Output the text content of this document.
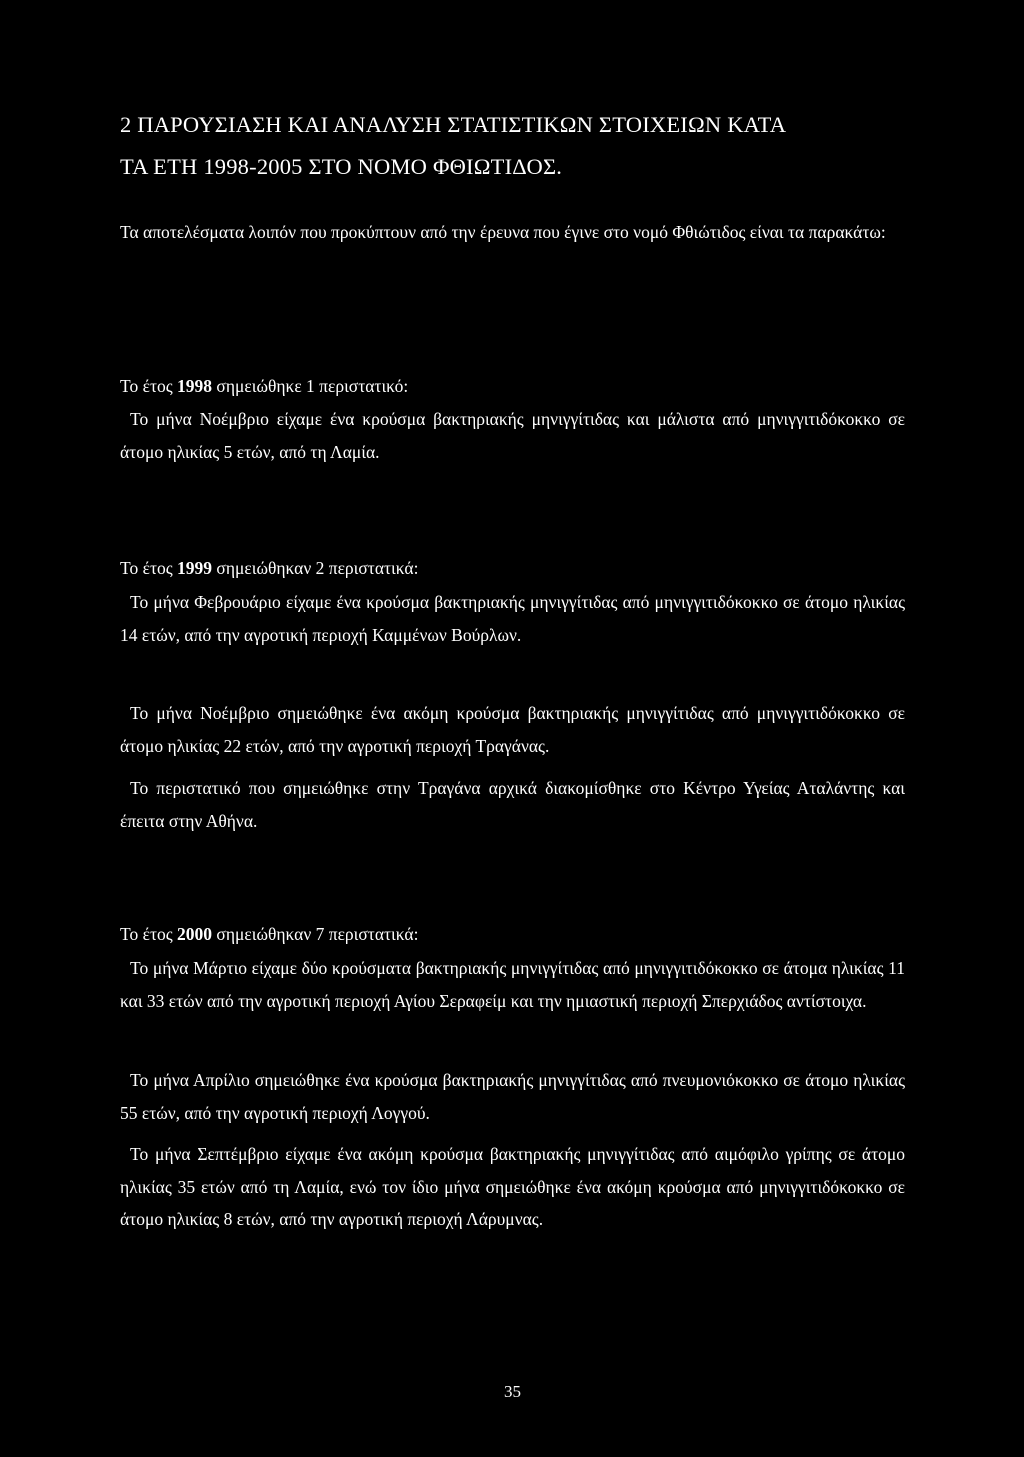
2 ΠΑΡΟΥΣΙΑΣΗ ΚΑΙ ΑΝΑΛΥΣΗ ΣΤΑΤΙΣΤΙΚΩΝ ΣΤΟΙΧΕΙΩΝ ΚΑΤΑ
ΤΑ ΕΤΗ 1998-2005 ΣΤΟ ΝΟΜΟ ΦΘΙΩΤΙΔΟΣ.

Τα αποτελέσματα λοιπόν που προκύπτουν από την έρευνα που έγινε στο νομό Φθιώτιδος είναι τα παρακάτω:

Το έτος 1998 σημειώθηκε 1 περιστατικό:

Το μήνα Νοέμβριο είχαμε ένα κρούσμα βακτηριακής μηνιγγίτιδας και μάλιστα από μηνιγγιτιδόκοκκο σε άτομο ηλικίας 5 ετών, από τη Λαμία.

Το έτος 1999 σημειώθηκαν 2 περιστατικά:

Το μήνα Φεβρουάριο είχαμε ένα κρούσμα βακτηριακής μηνιγγίτιδας από μηνιγγιτιδόκοκκο σε άτομο ηλικίας 14 ετών, από την αγροτική περιοχή Καμμένων Βούρλων.

Το μήνα Νοέμβριο σημειώθηκε ένα ακόμη κρούσμα βακτηριακής μηνιγγίτιδας από μηνιγγιτιδόκοκκο σε άτομο ηλικίας 22 ετών, από την αγροτική περιοχή Τραγάνας.

Το περιστατικό που σημειώθηκε στην Τραγάνα αρχικά διακομίσθηκε στο Κέντρο Υγείας Αταλάντης και έπειτα στην Αθήνα.

Το έτος 2000 σημειώθηκαν 7 περιστατικά:

Το μήνα Μάρτιο είχαμε δύο κρούσματα βακτηριακής μηνιγγίτιδας από μηνιγγιτιδόκοκκο σε άτομα ηλικίας 11 και 33 ετών από την αγροτική περιοχή Αγίου Σεραφείμ και την ημιαστική περιοχή Σπερχιάδος αντίστοιχα.

Το μήνα Απρίλιο σημειώθηκε ένα κρούσμα βακτηριακής μηνιγγίτιδας από πνευμονιόκοκκο σε άτομο ηλικίας 55 ετών, από την αγροτική περιοχή Λογγού.

Το μήνα Σεπτέμβριο είχαμε ένα ακόμη κρούσμα βακτηριακής μηνιγγίτιδας από αιμόφιλο γρίπης σε άτομο ηλικίας 35 ετών από τη Λαμία, ενώ τον ίδιο μήνα σημειώθηκε ένα ακόμη κρούσμα από μηνιγγιτιδόκοκκο σε άτομο ηλικίας 8 ετών, από την αγροτική περιοχή Λάρυμνας.

35
